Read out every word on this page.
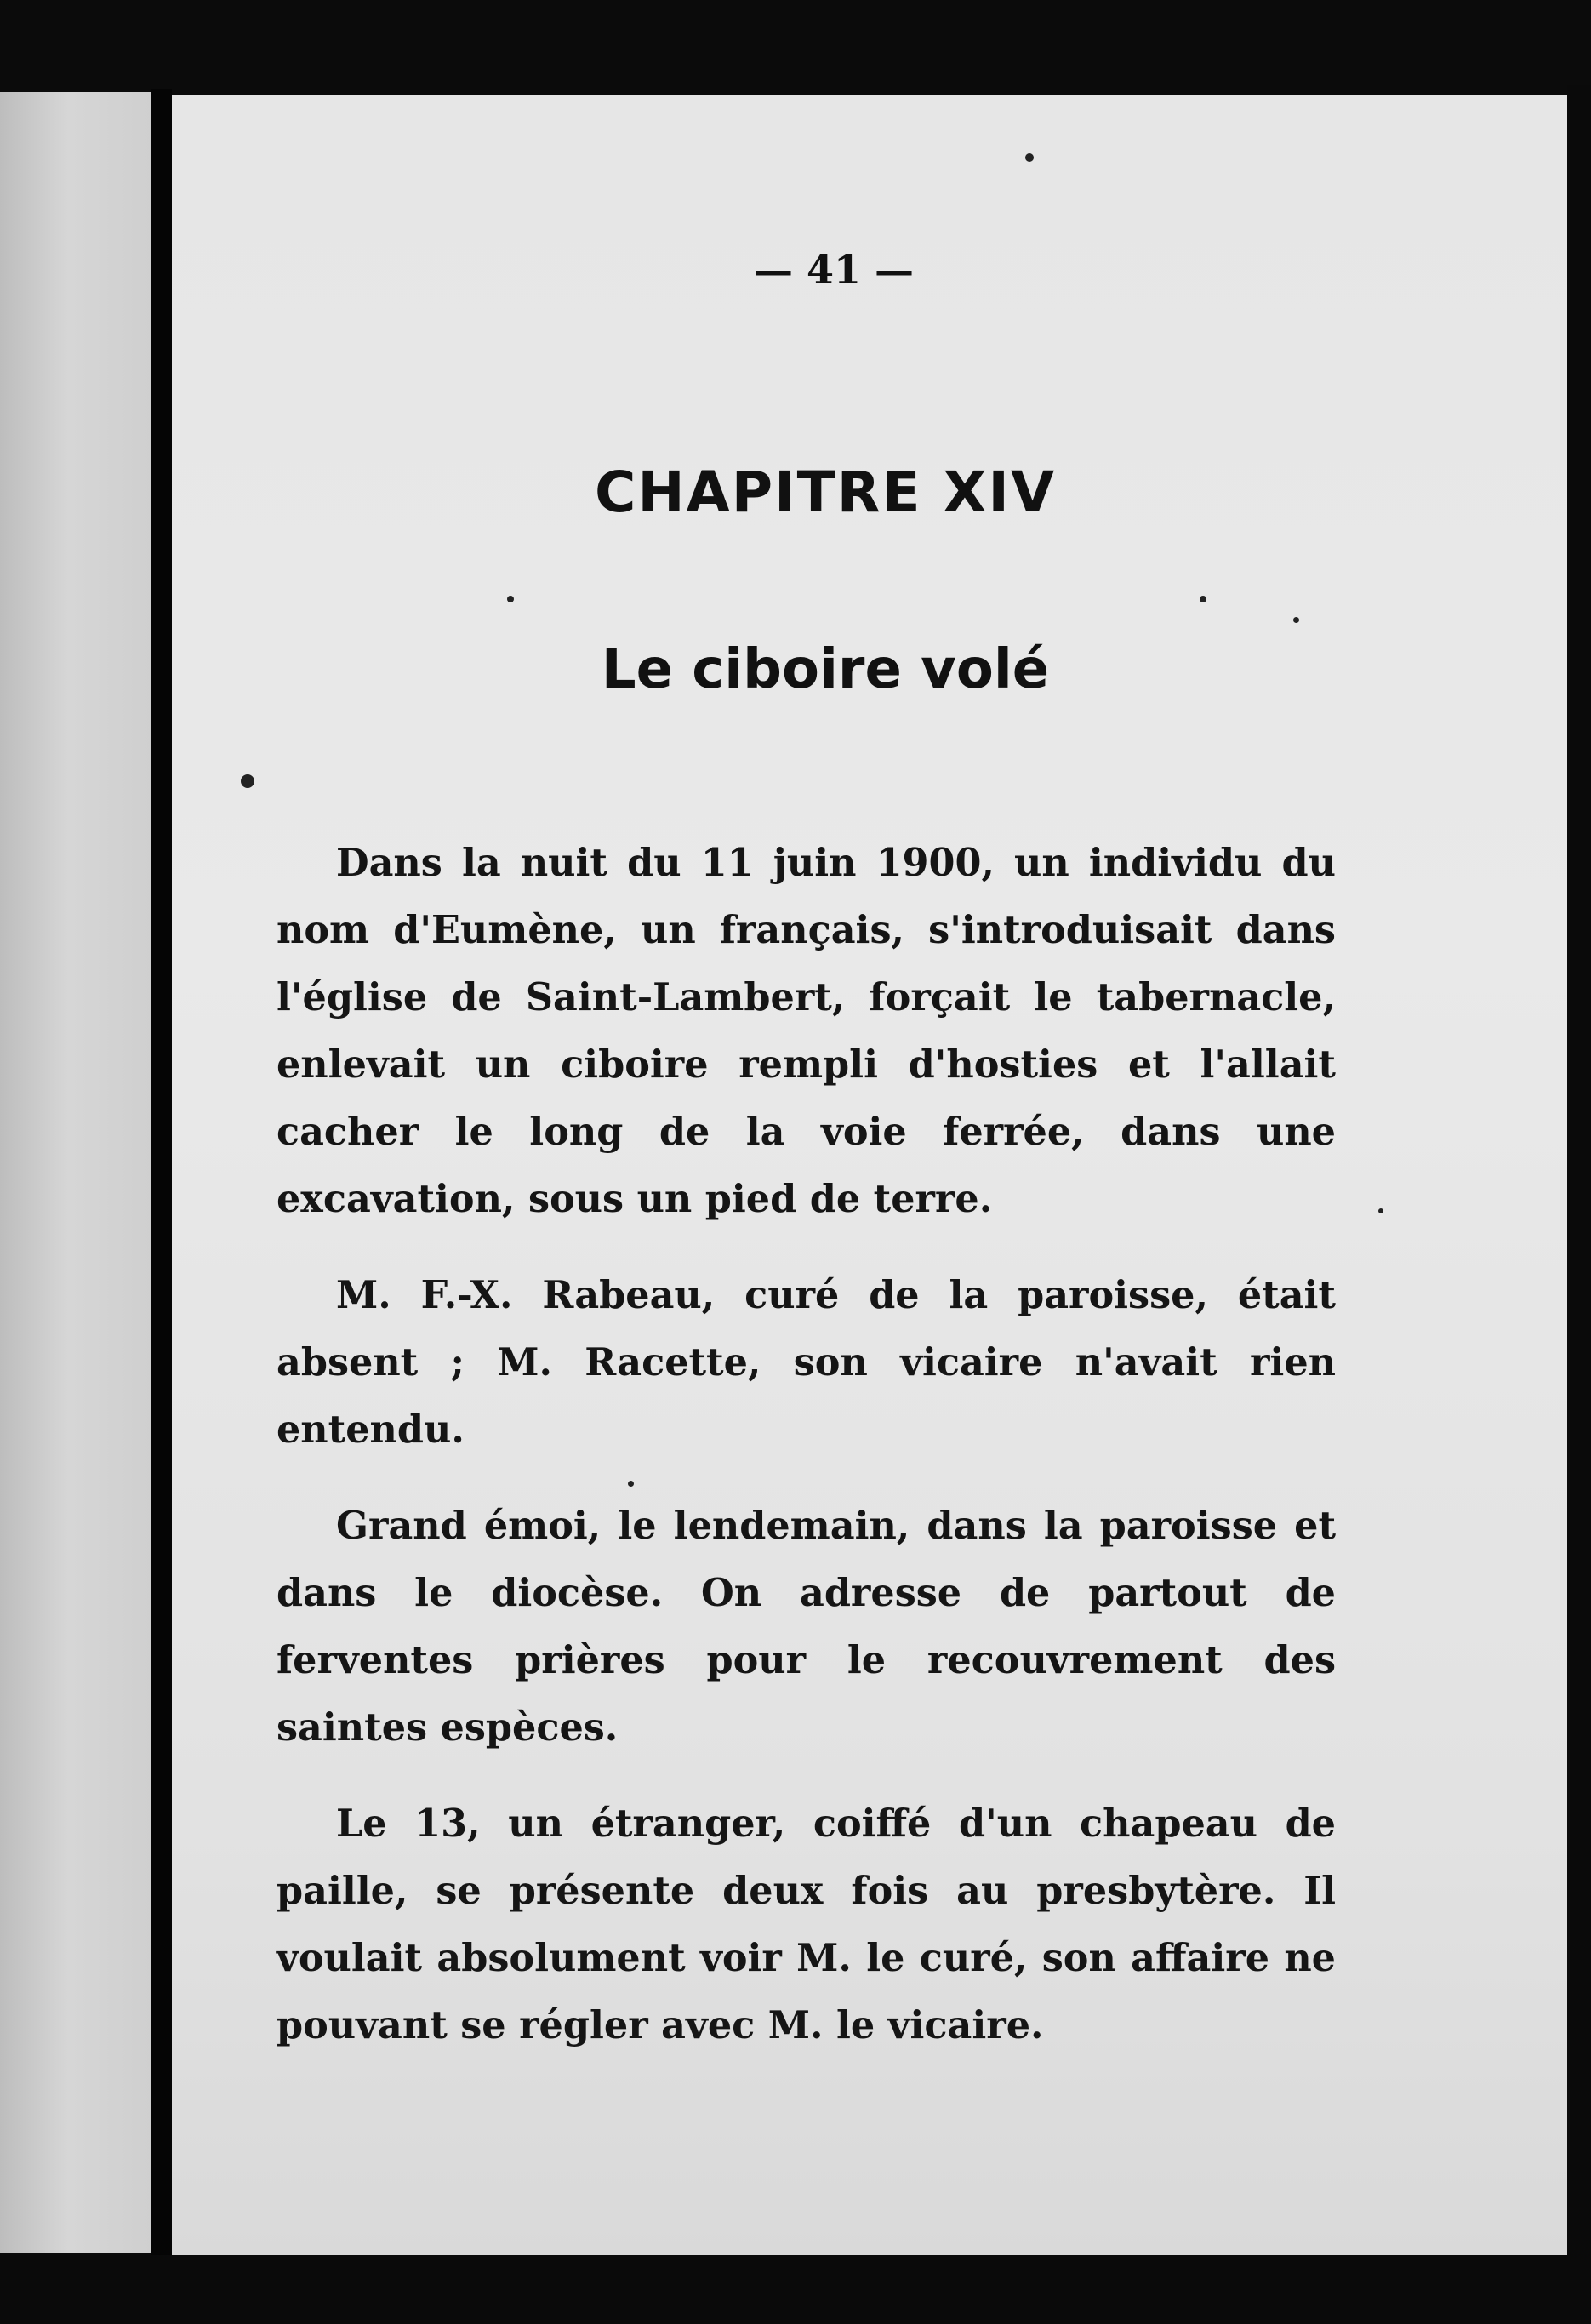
— 41 —

CHAPITRE XIV
Le ciboire volé

Dans la nuit du 11 juin 1900, un individu du nom d'Eumène, un français, s'introduisait dans l'église de Saint-Lambert, forçait le tabernacle, enlevait un ciboire rempli d'hosties et l'allait cacher le long de la voie ferrée, dans une excavation, sous un pied de terre.

M. F.-X. Rabeau, curé de la paroisse, était absent ; M. Racette, son vicaire n'avait rien entendu.

Grand émoi, le lendemain, dans la paroisse et dans le diocèse. On adresse de partout de ferventes prières pour le recouvrement des saintes espèces.

Le 13, un étranger, coiffé d'un chapeau de paille, se présente deux fois au presbytère. Il voulait absolument voir M. le curé, son affaire ne pouvant se régler avec M. le vicaire.
